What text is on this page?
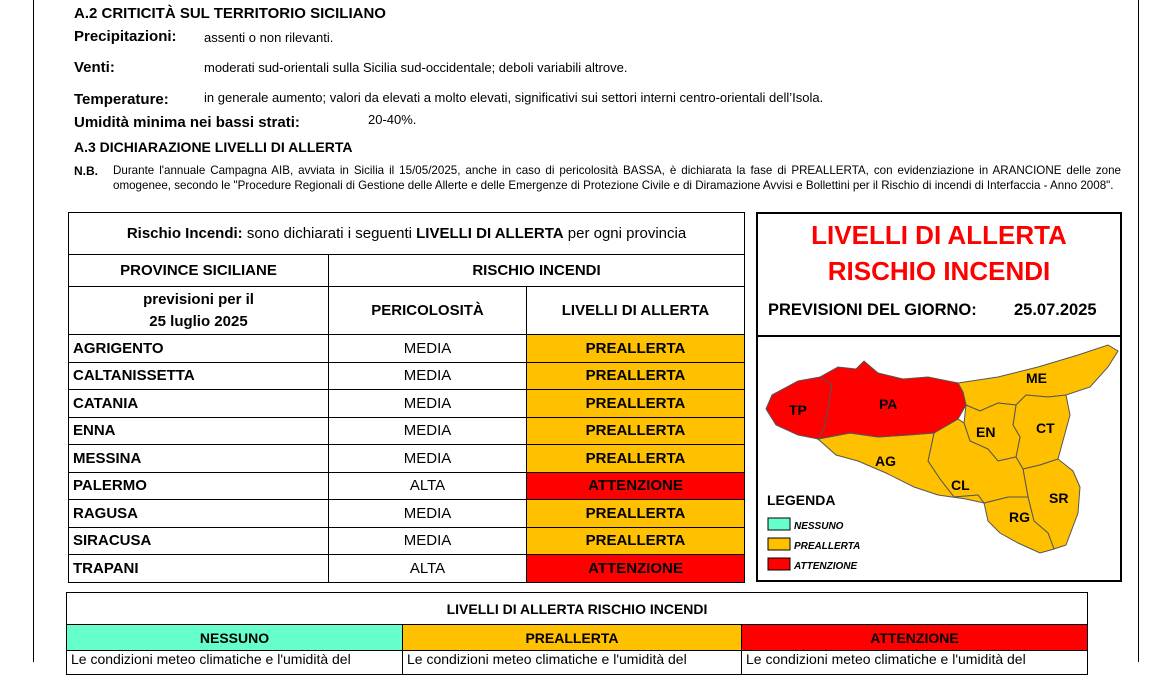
A.2 CRITICITÀ SUL TERRITORIO SICILIANO
Precipitazioni: assenti o non rilevanti.
Venti:	moderati sud-orientali sulla Sicilia sud-occidentale; deboli variabili altrove.
Temperature:	in generale aumento; valori da elevati a molto elevati, significativi sui settori interni centro-orientali dell’Isola.
Umidità minima nei bassi strati:	20-40%.
A.3 DICHIARAZIONE LIVELLI DI ALLERTA
N.B. Durante l'annuale Campagna AIB, avviata in Sicilia il 15/05/2025, anche in caso di pericolosità BASSA, è dichiarata la fase di PREALLERTA, con evidenziazione in ARANCIONE delle zone omogenee, secondo le "Procedure Regionali di Gestione delle Allerte e delle Emergenze di Protezione Civile e di Diramazione Avvisi e Bollettini per il Rischio di incendi di Interfaccia - Anno 2008".
Rischio Incendi: sono dichiarati i seguenti LIVELLI DI ALLERTA per ogni provincia		
PROVINCE SICILIANE	RISCHIO INCENDI	

previsioni per il
25 luglio 2025	PERICOLOSITÀ	LIVELLI DI ALLERTA
AGRIGENTO	MEDIA	PREALLERTA
CALTANISSETTA	MEDIA	PREALLERTA
CATANIA	MEDIA	PREALLERTA
ENNA	MEDIA	PREALLERTA
MESSINA	MEDIA	PREALLERTA
PALERMO	ALTA	ATTENZIONE
RAGUSA	MEDIA	PREALLERTA
SIRACUSA	MEDIA	PREALLERTA
TRAPANI	ALTA	ATTENZIONE
LIVELLI DI ALLERTA
RISCHIO INCENDI
PREVISIONI DEL GIORNO: 25.07.2025
TP	PA
ME
EN	CT
AG
CL
SR
RG
LEGENDA
NESSUNO
PREALLERTA
ATTENZIONE
LIVELLI DI ALLERTA RISCHIO INCENDI		
NESSUNO	PREALLERTA	ATTENZIONE
Le condizioni meteo climatiche e l'umidità del	Le condizioni meteo climatiche e l'umidità del	Le condizioni meteo climatiche e l'umidità del
